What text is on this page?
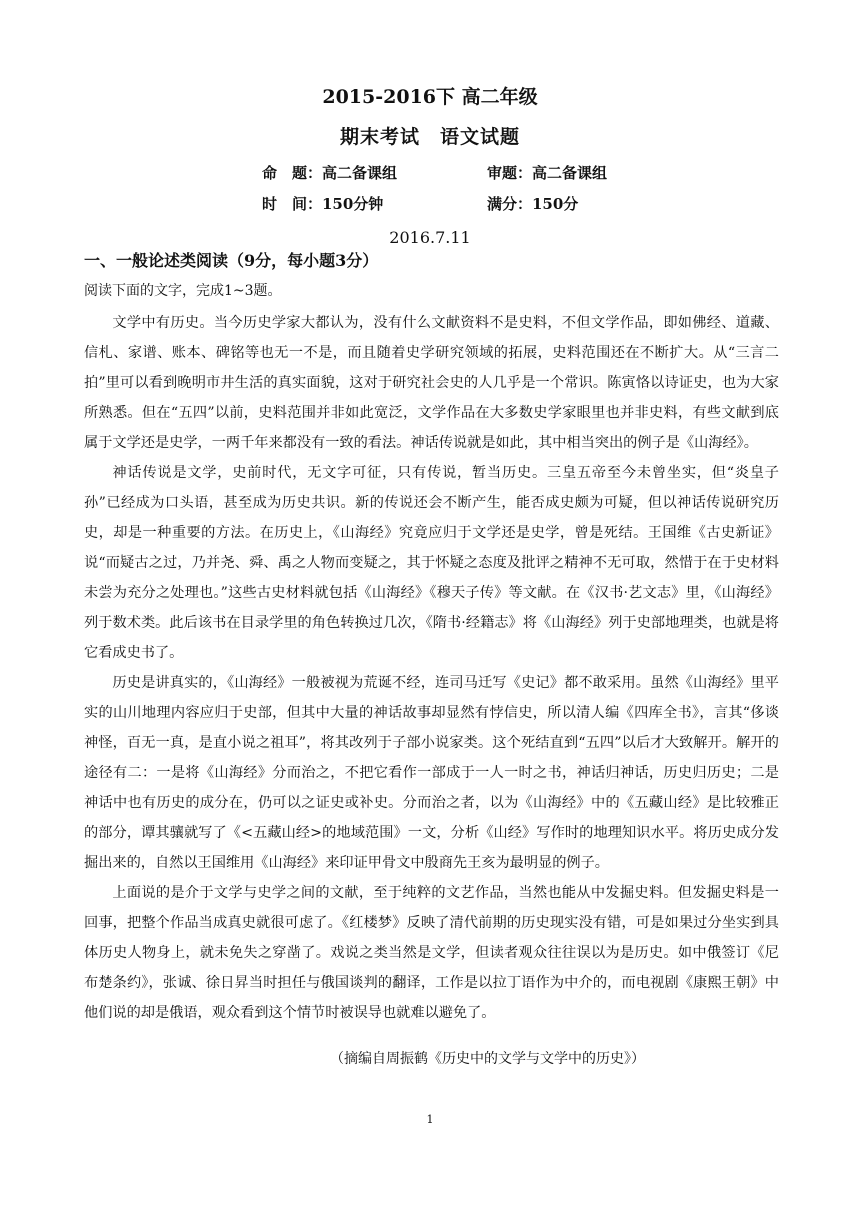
2015-2016下 高二年级
期末考试　语文试题
命　题：高二备课组	审题：高二备课组
时　间：150分钟	满分：150分
2016.7.11
一、一般论述类阅读（9分，每小题3分）
阅读下面的文字，完成1~3题。

文学中有历史。当今历史学家大都认为，没有什么文献资料不是史料，不但文学作品，即如佛经、道藏、信札、家谱、账本、碑铭等也无一不是，而且随着史学研究领域的拓展，史料范围还在不断扩大。从“三言二拍”里可以看到晚明市井生活的真实面貌，这对于研究社会史的人几乎是一个常识。陈寅恪以诗证史，也为大家所熟悉。但在“五四”以前，史料范围并非如此宽泛，文学作品在大多数史学家眼里也并非史料，有些文献到底属于文学还是史学，一两千年来都没有一致的看法。神话传说就是如此，其中相当突出的例子是《山海经》。

神话传说是文学，史前时代，无文字可征，只有传说，暂当历史。三皇五帝至今未曾坐实，但“炎皇子孙”已经成为口头语，甚至成为历史共识。新的传说还会不断产生，能否成史颇为可疑，但以神话传说研究历史，却是一种重要的方法。在历史上，《山海经》究竟应归于文学还是史学，曾是死结。王国维《古史新证》说“而疑古之过，乃并尧、舜、禹之人物而变疑之，其于怀疑之态度及批评之精神不无可取，然惜于在于史材料未尝为充分之处理也。”这些古史材料就包括《山海经》《穆天子传》等文献。在《汉书·艺文志》里，《山海经》列于数术类。此后该书在目录学里的角色转换过几次，《隋书·经籍志》将《山海经》列于史部地理类，也就是将它看成史书了。

历史是讲真实的，《山海经》一般被视为荒诞不经，连司马迁写《史记》都不敢采用。虽然《山海经》里平实的山川地理内容应归于史部，但其中大量的神话故事却显然有悖信史，所以清人编《四库全书》，言其“侈谈神怪，百无一真，是直小说之祖耳”，将其改列于子部小说家类。这个死结直到“五四”以后才大致解开。解开的途径有二：一是将《山海经》分而治之，不把它看作一部成于一人一时之书，神话归神话，历史归历史；二是神话中也有历史的成分在，仍可以之证史或补史。分而治之者，以为《山海经》中的《五藏山经》是比较雅正的部分，谭其骧就写了《<五藏山经>的地域范围》一文，分析《山经》写作时的地理知识水平。将历史成分发掘出来的，自然以王国维用《山海经》来印证甲骨文中殷商先王亥为最明显的例子。

上面说的是介于文学与史学之间的文献，至于纯粹的文艺作品，当然也能从中发掘史料。但发掘史料是一回事，把整个作品当成真史就很可虑了。《红楼梦》反映了清代前期的历史现实没有错，可是如果过分坐实到具体历史人物身上，就未免失之穿凿了。戏说之类当然是文学，但读者观众往往误以为是历史。如中俄签订《尼布楚条约》，张诚、徐日昇当时担任与俄国谈判的翻译，工作是以拉丁语作为中介的，而电视剧《康熙王朝》中他们说的却是俄语，观众看到这个情节时被误导也就难以避免了。

（摘编自周振鹤《历史中的文学与文学中的历史》）
1
